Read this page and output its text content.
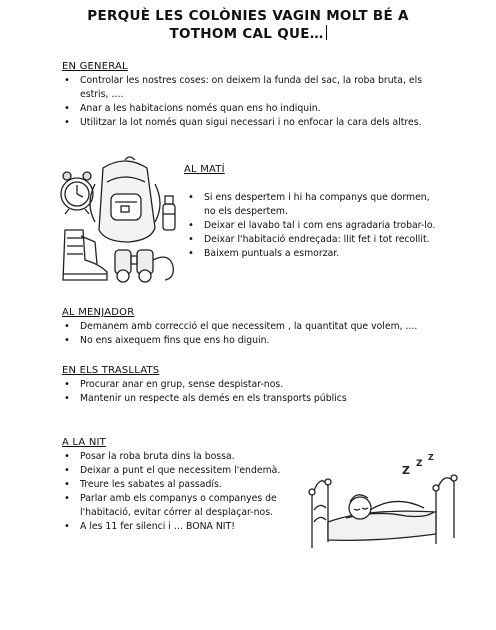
PERQUÈ LES COLÒNIES VAGIN MOLT BÉ A
TOTHOM CAL QUE…
EN GENERAL
• Controlar les nostres coses: on deixem la funda del sac, la roba bruta, els estris, ….
• Anar a les habitacions només quan ens ho indiquin.
• Utilitzar la lot només quan sigui necessari i no enfocar la cara dels altres.
AL MATÍ
• Si ens despertem i hi ha companys que dormen, no els despertem.
• Deixar el lavabo tal i com ens agradaria trobar-lo.
• Deixar l'habitació endreçada: llit fet i tot recollit.
• Baixem puntuals a esmorzar.
AL MENJADOR
• Demanem amb correcció el que necessitem , la quantitat que volem, ....
• No ens aixequem fins que ens ho diguin.
EN ELS TRASLLATS
• Procurar anar en grup, sense despistar-nos.
• Mantenir un respecte als demés en els transports públics
A LA NIT
• Posar la roba bruta dins la bossa.
• Deixar a punt el que necessitem l'endemà.
• Treure les sabates al passadís.
• Parlar amb els companys o companyes de l'habitació, evitar córrer al desplaçar-nos.
• A les 11 fer silenci i … BONA NIT!
Z Z
Z
